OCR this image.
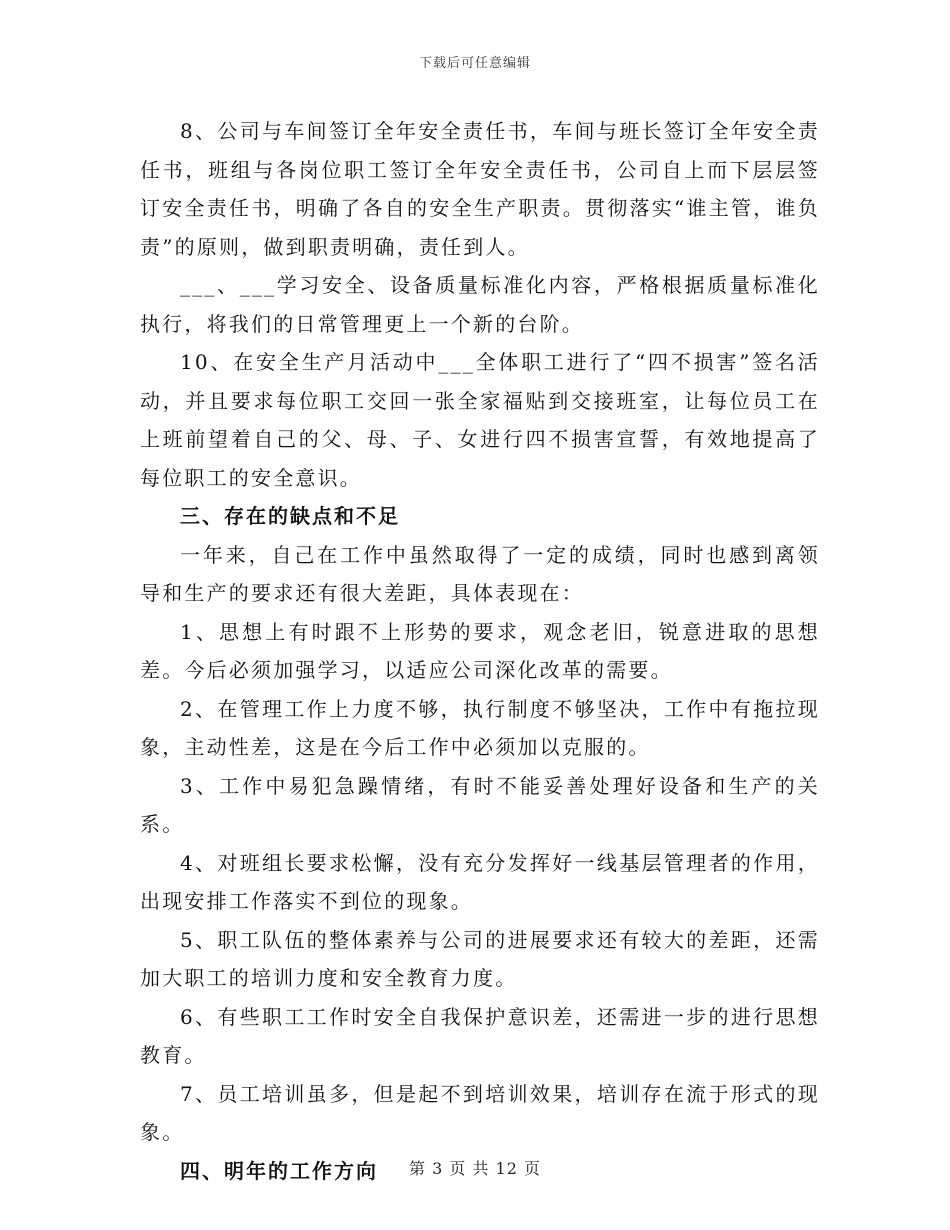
下载后可任意编辑

8、公司与车间签订全年安全责任书，车间与班长签订全年安全责任书，班组与各岗位职工签订全年安全责任书，公司自上而下层层签订安全责任书，明确了各自的安全生产职责。贯彻落实“谁主管，谁负责”的原则，做到职责明确，责任到人。

___、___学习安全、设备质量标准化内容，严格根据质量标准化执行，将我们的日常管理更上一个新的台阶。

10、在安全生产月活动中___全体职工进行了“四不损害”签名活动，并且要求每位职工交回一张全家福贴到交接班室，让每位员工在上班前望着自己的父、母、子、女进行四不损害宣誓，有效地提高了每位职工的安全意识。

三、存在的缺点和不足

一年来，自己在工作中虽然取得了一定的成绩，同时也感到离领导和生产的要求还有很大差距，具体表现在：

1、思想上有时跟不上形势的要求，观念老旧，锐意进取的思想差。今后必须加强学习，以适应公司深化改革的需要。

2、在管理工作上力度不够，执行制度不够坚决，工作中有拖拉现象，主动性差，这是在今后工作中必须加以克服的。

3、工作中易犯急躁情绪，有时不能妥善处理好设备和生产的关系。

4、对班组长要求松懈，没有充分发挥好一线基层管理者的作用，出现安排工作落实不到位的现象。

5、职工队伍的整体素养与公司的进展要求还有较大的差距，还需加大职工的培训力度和安全教育力度。

6、有些职工工作时安全自我保护意识差，还需进一步的进行思想教育。

7、员工培训虽多，但是起不到培训效果，培训存在流于形式的现象。

四、明年的工作方向	第 3 页 共 12 页
